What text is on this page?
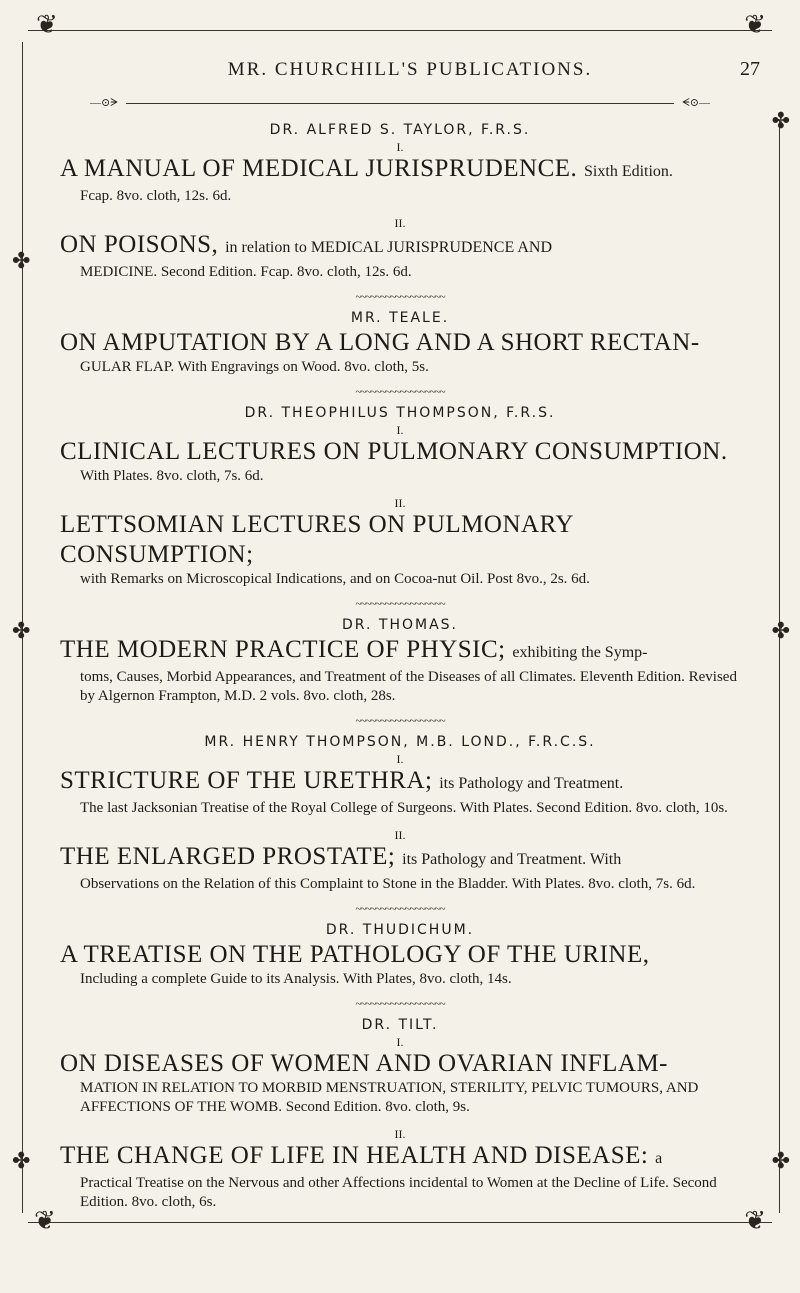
❦	❦
❦	❦
✤
✤
✤
✤
✤
✤
MR. CHURCHILL'S PUBLICATIONS.	27
—⊙ᗒ	ᗕ⊙—
DR. ALFRED S. TAYLOR, F.R.S.
I.
A MANUAL OF MEDICAL JURISPRUDENCE. Sixth Edition.
Fcap. 8vo. cloth, 12s. 6d.
II.
ON POISONS, in relation to MEDICAL JURISPRUDENCE AND
MEDICINE. Second Edition. Fcap. 8vo. cloth, 12s. 6d.
~~~~~~~~~~~~~~~~~~
MR. TEALE.
ON AMPUTATION BY A LONG AND A SHORT RECTAN-
GULAR FLAP. With Engravings on Wood. 8vo. cloth, 5s.
~~~~~~~~~~~~~~~~~~
DR. THEOPHILUS THOMPSON, F.R.S.
I.
CLINICAL LECTURES ON PULMONARY CONSUMPTION.
With Plates. 8vo. cloth, 7s. 6d.
II.
LETTSOMIAN LECTURES ON PULMONARY CONSUMPTION;
with Remarks on Microscopical Indications, and on Cocoa-nut Oil. Post 8vo., 2s. 6d.
~~~~~~~~~~~~~~~~~~
DR. THOMAS.
THE MODERN PRACTICE OF PHYSIC; exhibiting the Symp-
toms, Causes, Morbid Appearances, and Treatment of the Diseases of all Climates. Eleventh Edition. Revised by Algernon Frampton, M.D. 2 vols. 8vo. cloth, 28s.
~~~~~~~~~~~~~~~~~~
MR. HENRY THOMPSON, M.B. LOND., F.R.C.S.
I.
STRICTURE OF THE URETHRA; its Pathology and Treatment.
The last Jacksonian Treatise of the Royal College of Surgeons. With Plates. Second Edition. 8vo. cloth, 10s.
II.
THE ENLARGED PROSTATE; its Pathology and Treatment. With
Observations on the Relation of this Complaint to Stone in the Bladder. With Plates. 8vo. cloth, 7s. 6d.
~~~~~~~~~~~~~~~~~~
DR. THUDICHUM.
A TREATISE ON THE PATHOLOGY OF THE URINE,
Including a complete Guide to its Analysis. With Plates, 8vo. cloth, 14s.
~~~~~~~~~~~~~~~~~~
DR. TILT.
I.
ON DISEASES OF WOMEN AND OVARIAN INFLAM-
MATION IN RELATION TO MORBID MENSTRUATION, STERILITY, PELVIC TUMOURS, AND AFFECTIONS OF THE WOMB. Second Edition. 8vo. cloth, 9s.
II.
THE CHANGE OF LIFE IN HEALTH AND DISEASE: a
Practical Treatise on the Nervous and other Affections incidental to Women at the Decline of Life. Second Edition. 8vo. cloth, 6s.
